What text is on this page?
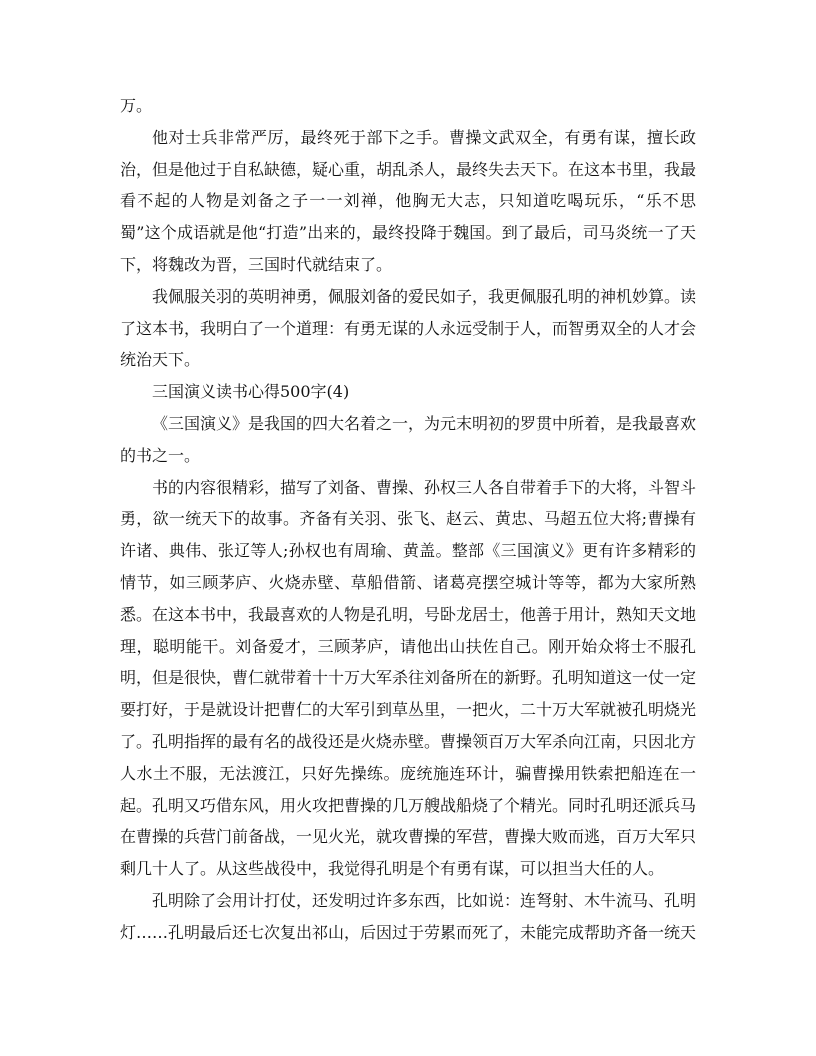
万。

他对士兵非常严厉，最终死于部下之手。曹操文武双全，有勇有谋，擅长政治，但是他过于自私缺德，疑心重，胡乱杀人，最终失去天下。在这本书里，我最看不起的人物是刘备之子一一刘禅，他胸无大志，只知道吃喝玩乐，“乐不思蜀”这个成语就是他“打造”出来的，最终投降于魏国。到了最后，司马炎统一了天下，将魏改为晋，三国时代就结束了。

我佩服关羽的英明神勇，佩服刘备的爱民如子，我更佩服孔明的神机妙算。读了这本书，我明白了一个道理：有勇无谋的人永远受制于人，而智勇双全的人才会统治天下。

三国演义读书心得500字(4)

《三国演义》是我国的四大名着之一，为元末明初的罗贯中所着，是我最喜欢的书之一。

书的内容很精彩，描写了刘备、曹操、孙权三人各自带着手下的大将，斗智斗勇，欲一统天下的故事。齐备有关羽、张飞、赵云、黄忠、马超五位大将;曹操有许诸、典伟、张辽等人;孙权也有周瑜、黄盖。整部《三国演义》更有许多精彩的情节，如三顾茅庐、火烧赤壁、草船借箭、诸葛亮摆空城计等等，都为大家所熟悉。在这本书中，我最喜欢的人物是孔明，号卧龙居士，他善于用计，熟知天文地理，聪明能干。刘备爱才，三顾茅庐，请他出山扶佐自己。刚开始众将士不服孔明，但是很快，曹仁就带着十十万大军杀往刘备所在的新野。孔明知道这一仗一定要打好，于是就设计把曹仁的大军引到草丛里，一把火，二十万大军就被孔明烧光了。孔明指挥的最有名的战役还是火烧赤壁。曹操领百万大军杀向江南，只因北方人水土不服，无法渡江，只好先操练。庞统施连环计，骗曹操用铁索把船连在一起。孔明又巧借东风，用火攻把曹操的几万艘战船烧了个精光。同时孔明还派兵马在曹操的兵营门前备战，一见火光，就攻曹操的军营，曹操大败而逃，百万大军只剩几十人了。从这些战役中，我觉得孔明是个有勇有谋，可以担当大任的人。

孔明除了会用计打仗，还发明过许多东西，比如说：连弩射、木牛流马、孔明灯……孔明最后还七次复出祁山，后因过于劳累而死了，未能完成帮助齐备一统天
